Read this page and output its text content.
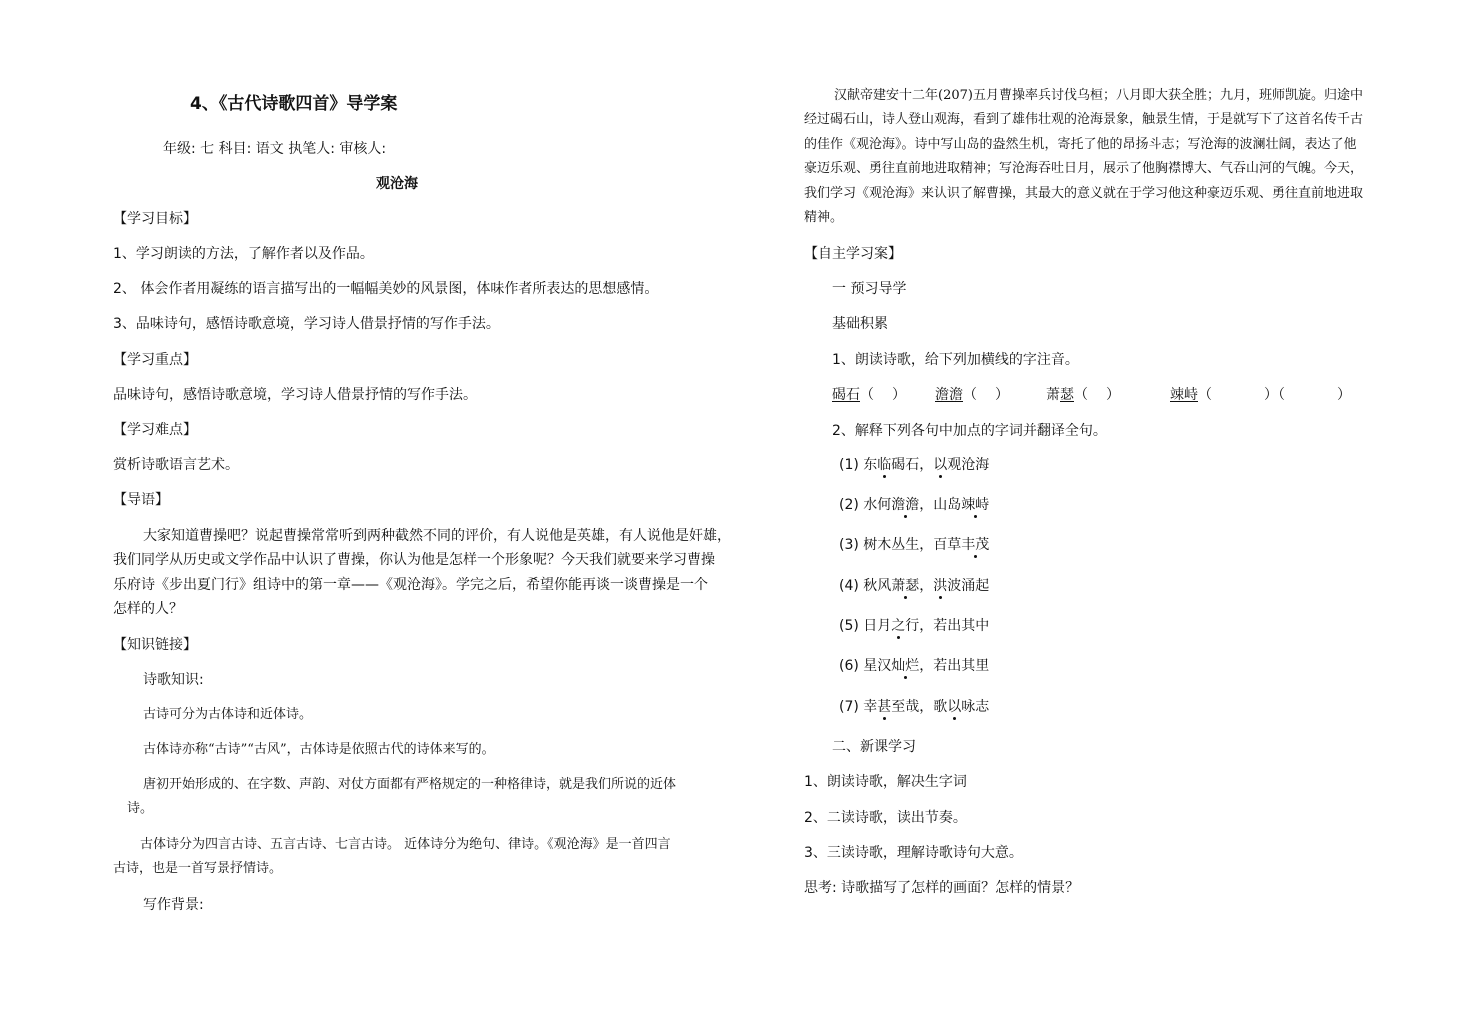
4、《古代诗歌四首》导学案
年级: 七 科目: 语文 执笔人: 审核人:
观沧海
【学习目标】
1、学习朗读的方法，了解作者以及作品。
2、 体会作者用凝练的语言描写出的一幅幅美妙的风景图，体味作者所表达的思想感情。
3、品味诗句，感悟诗歌意境，学习诗人借景抒情的写作手法。
【学习重点】
品味诗句，感悟诗歌意境，学习诗人借景抒情的写作手法。
【学习难点】
赏析诗歌语言艺术。
【导语】
大家知道曹操吧？说起曹操常常听到两种截然不同的评价，有人说他是英雄，有人说他是奸雄，
我们同学从历史或文学作品中认识了曹操，你认为他是怎样一个形象呢？今天我们就要来学习曹操
乐府诗《步出夏门行》组诗中的第一章——《观沧海》。学完之后，希望你能再谈一谈曹操是一个
怎样的人？
【知识链接】
诗歌知识:
古诗可分为古体诗和近体诗。
古体诗亦称“古诗”“古风”，古体诗是依照古代的诗体来写的。
唐初开始形成的、在字数、声韵、对仗方面都有严格规定的一种格律诗，就是我们所说的近体
诗。
古体诗分为四言古诗、五言古诗、七言古诗。 近体诗分为绝句、律诗。《观沧海》是一首四言
古诗，也是一首写景抒情诗。
写作背景:
汉献帝建安十二年(207)五月曹操率兵讨伐乌桓；八月即大获全胜；九月，班师凯旋。归途中
经过碣石山，诗人登山观海，看到了雄伟壮观的沧海景象，触景生情，于是就写下了这首名传千古
的佳作《观沧海》。诗中写山岛的盎然生机，寄托了他的昂扬斗志；写沧海的波澜壮阔，表达了他
豪迈乐观、勇往直前地进取精神；写沧海吞吐日月，展示了他胸襟博大、气吞山河的气魄。今天，
我们学习《观沧海》来认识了解曹操，其最大的意义就在于学习他这种豪迈乐观、勇往直前地进取
精神。
【自主学习案】
一 预习导学
基础积累
1、朗读诗歌，给下列加横线的字注音。
碣石（ ） 澹澹（ ）	萧瑟（ ）	竦峙（	）（	）
2、解释下列各句中加点的字词并翻译全句。
(1) 东临碣石，以观沧海
(2) 水何澹澹，山岛竦峙
(3) 树木丛生，百草丰茂
(4) 秋风萧瑟，洪波涌起
(5) 日月之行，若出其中
(6) 星汉灿烂，若出其里
(7) 幸甚至哉，歌以咏志
二、新课学习
1、朗读诗歌，解决生字词
2、二读诗歌，读出节奏。
3、三读诗歌，理解诗歌诗句大意。
思考: 诗歌描写了怎样的画面？怎样的情景？
